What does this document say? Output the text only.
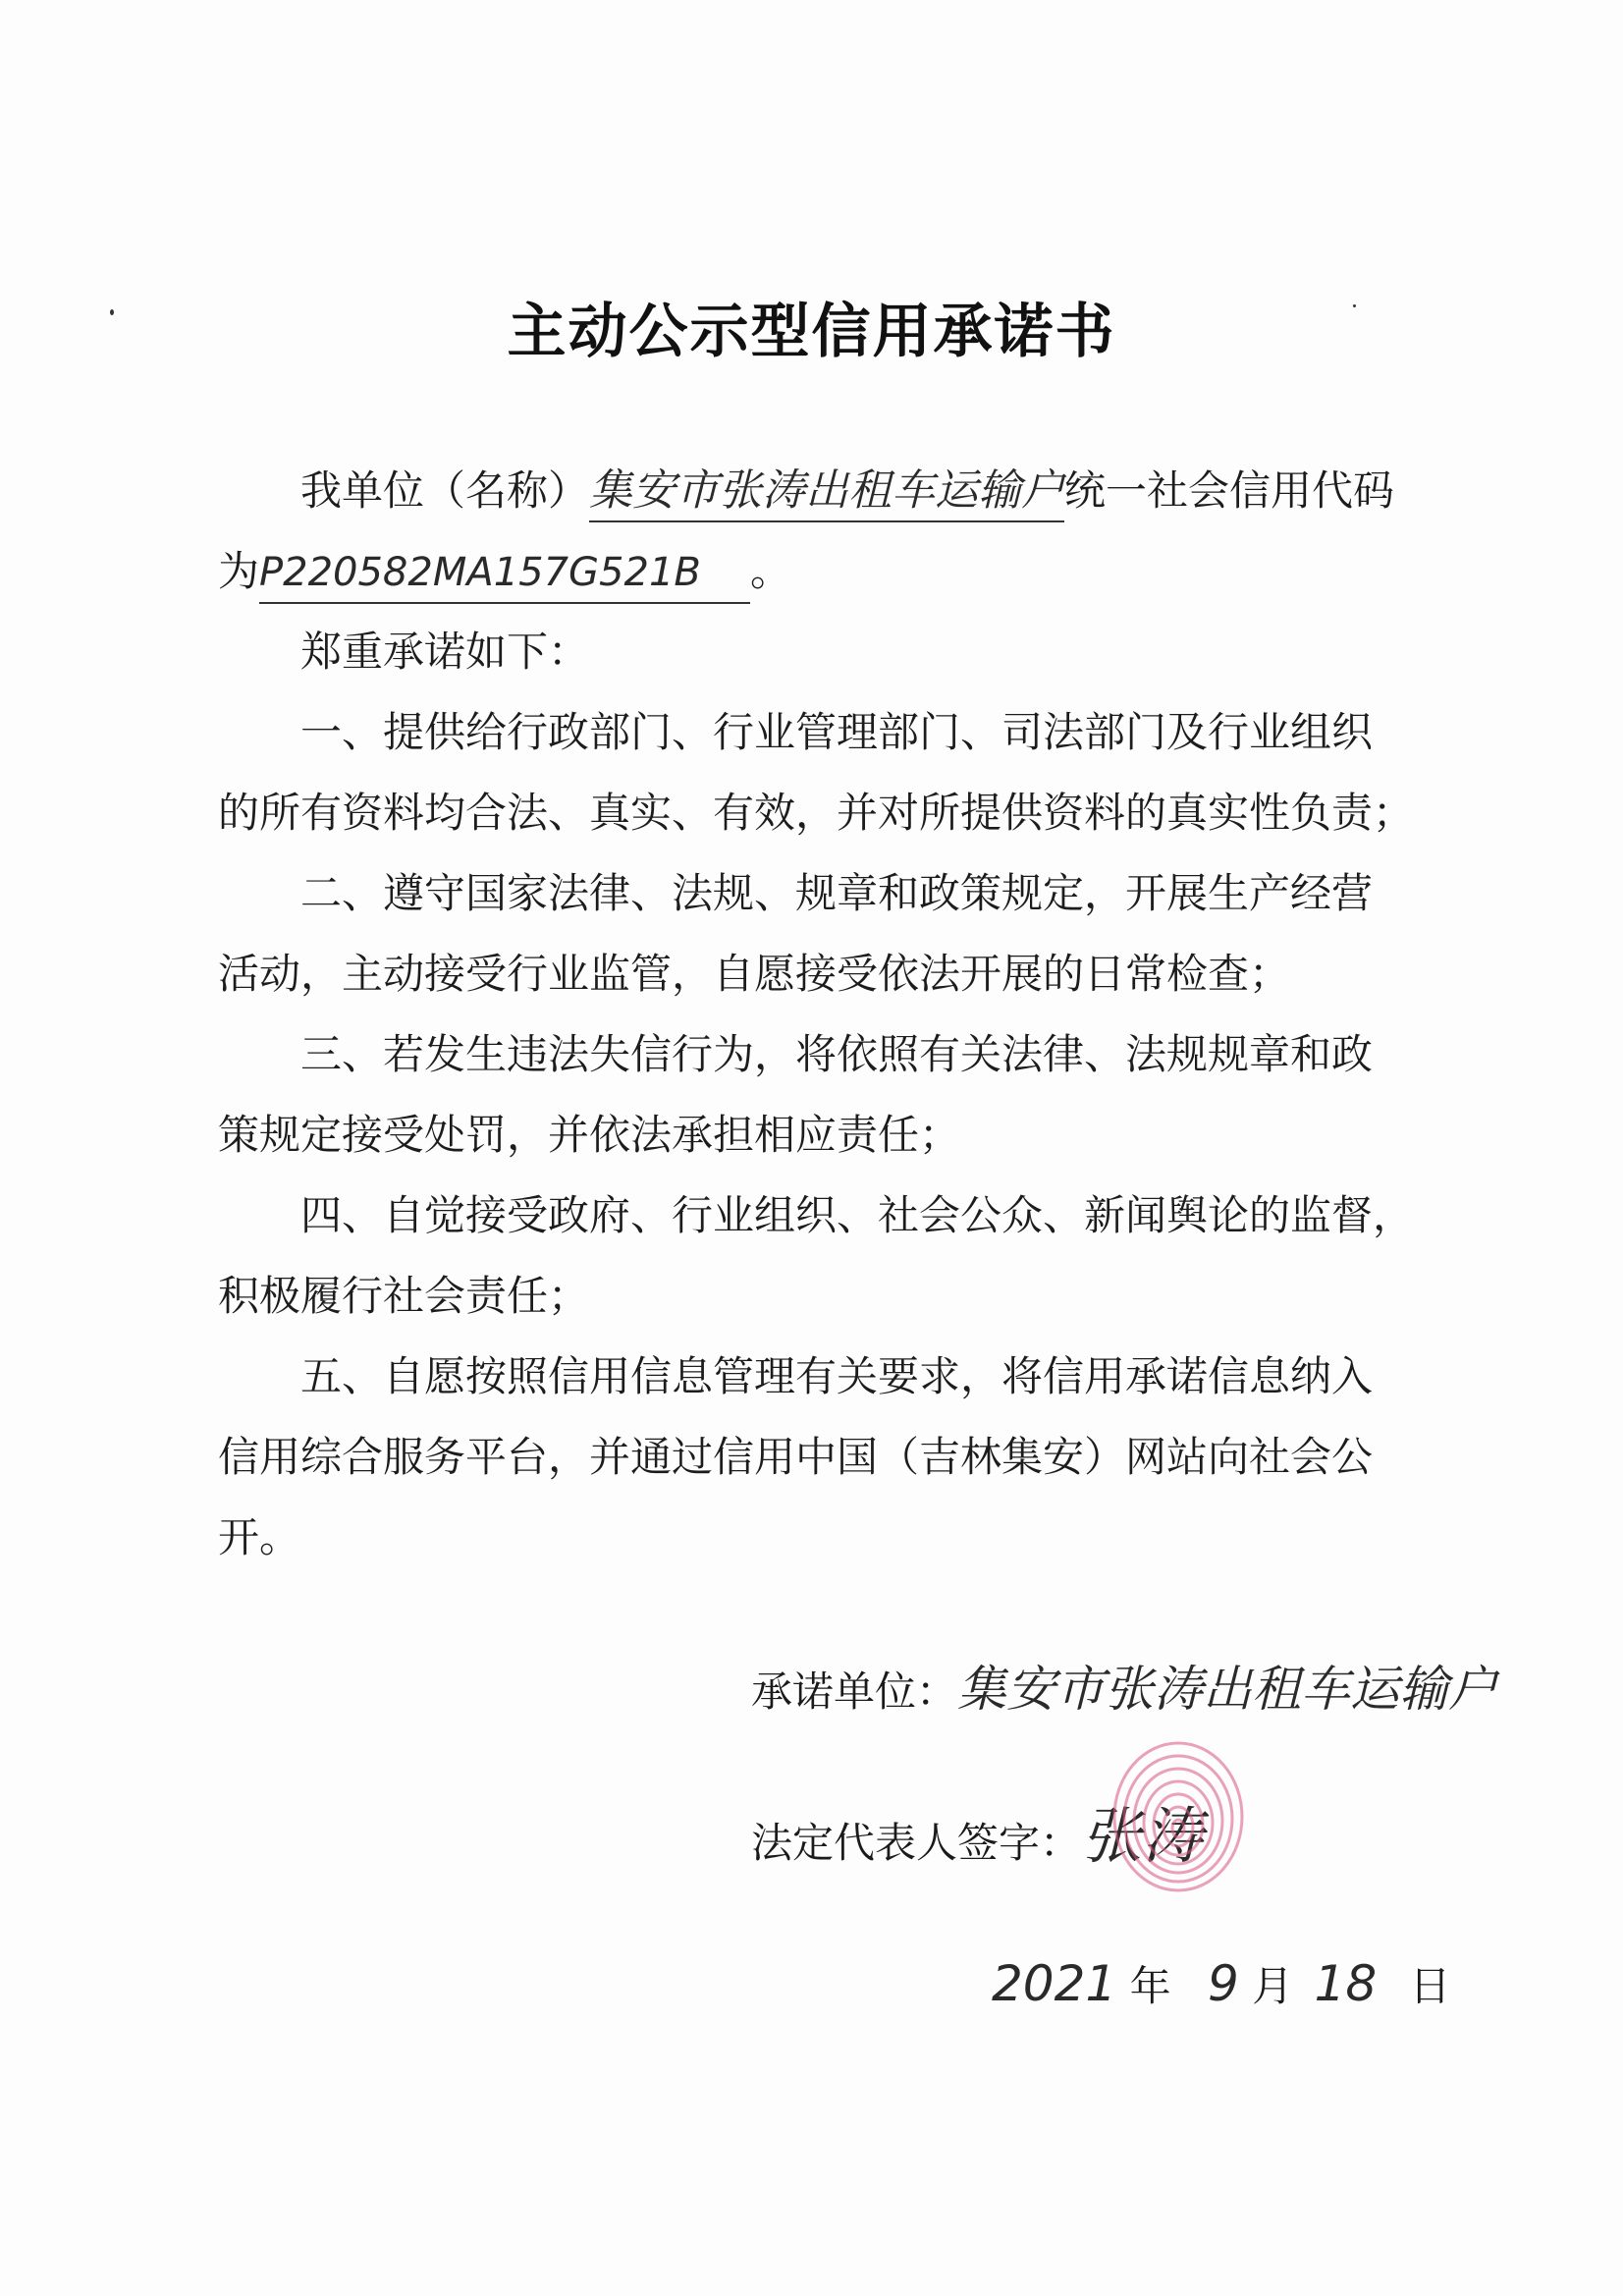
主动公示型信用承诺书
我单位（名称）集安市张涛出租车运输户统一社会信用代码
为P220582MA157G521B 。
郑重承诺如下：
一、提供给行政部门、行业管理部门、司法部门及行业组织
的所有资料均合法、真实、有效，并对所提供资料的真实性负责；
二、遵守国家法律、法规、规章和政策规定，开展生产经营
活动，主动接受行业监管，自愿接受依法开展的日常检查；
三、若发生违法失信行为，将依照有关法律、法规规章和政
策规定接受处罚，并依法承担相应责任；
四、自觉接受政府、行业组织、社会公众、新闻舆论的监督，
积极履行社会责任；
五、自愿按照信用信息管理有关要求，将信用承诺信息纳入
信用综合服务平台，并通过信用中国（吉林集安）网站向社会公
开。
承诺单位：集安市张涛出租车运输户
法定代表人签字：张涛
2021 年 9 月 18 日
